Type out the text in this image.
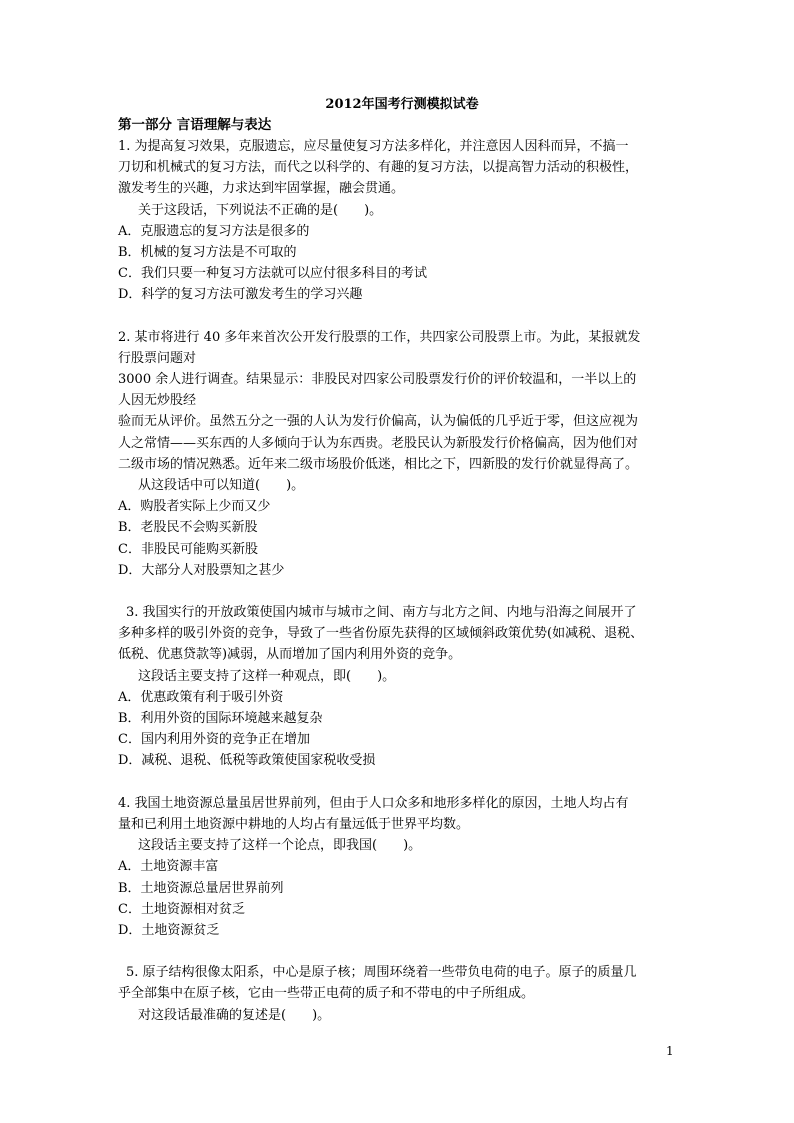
2012年国考行测模拟试卷
第一部分 言语理解与表达
1. 为提高复习效果，克服遗忘，应尽量使复习方法多样化，并注意因人因科而异，不搞一
刀切和机械式的复习方法，而代之以科学的、有趣的复习方法，以提高智力活动的积极性，
激发考生的兴趣，力求达到牢固掌握，融会贯通。
关于这段话，下列说法不正确的是(　　)。
A．克服遗忘的复习方法是很多的
B．机械的复习方法是不可取的
C．我们只要一种复习方法就可以应付很多科目的考试
D．科学的复习方法可激发考生的学习兴趣
2. 某市将进行 40 多年来首次公开发行股票的工作，共四家公司股票上市。为此，某报就发
行股票问题对
3000 余人进行调查。结果显示：非股民对四家公司股票发行价的评价较温和，一半以上的
人因无炒股经
验而无从评价。虽然五分之一强的人认为发行价偏高，认为偏低的几乎近于零，但这应视为
人之常情——买东西的人多倾向于认为东西贵。老股民认为新股发行价格偏高，因为他们对
二级市场的情况熟悉。近年来二级市场股价低迷，相比之下，四新股的发行价就显得高了。
从这段话中可以知道(　　)。
A．购股者实际上少而又少
B．老股民不会购买新股
C．非股民可能购买新股
D．大部分人对股票知之甚少
3. 我国实行的开放政策使国内城市与城市之间、南方与北方之间、内地与沿海之间展开了
多种多样的吸引外资的竞争，导致了一些省份原先获得的区域倾斜政策优势(如减税、退税、
低税、优惠贷款等)减弱，从而增加了国内利用外资的竞争。
这段话主要支持了这样一种观点，即(　　)。
A．优惠政策有利于吸引外资
B．利用外资的国际环境越来越复杂
C．国内利用外资的竞争正在增加
D．减税、退税、低税等政策使国家税收受损
4. 我国土地资源总量虽居世界前列，但由于人口众多和地形多样化的原因，土地人均占有
量和已利用土地资源中耕地的人均占有量远低于世界平均数。
这段话主要支持了这样一个论点，即我国(　　)。
A．土地资源丰富
B．土地资源总量居世界前列
C．土地资源相对贫乏
D．土地资源贫乏
5. 原子结构很像太阳系，中心是原子核；周围环绕着一些带负电荷的电子。原子的质量几
乎全部集中在原子核，它由一些带正电荷的质子和不带电的中子所组成。
对这段话最准确的复述是(　　)。
1
